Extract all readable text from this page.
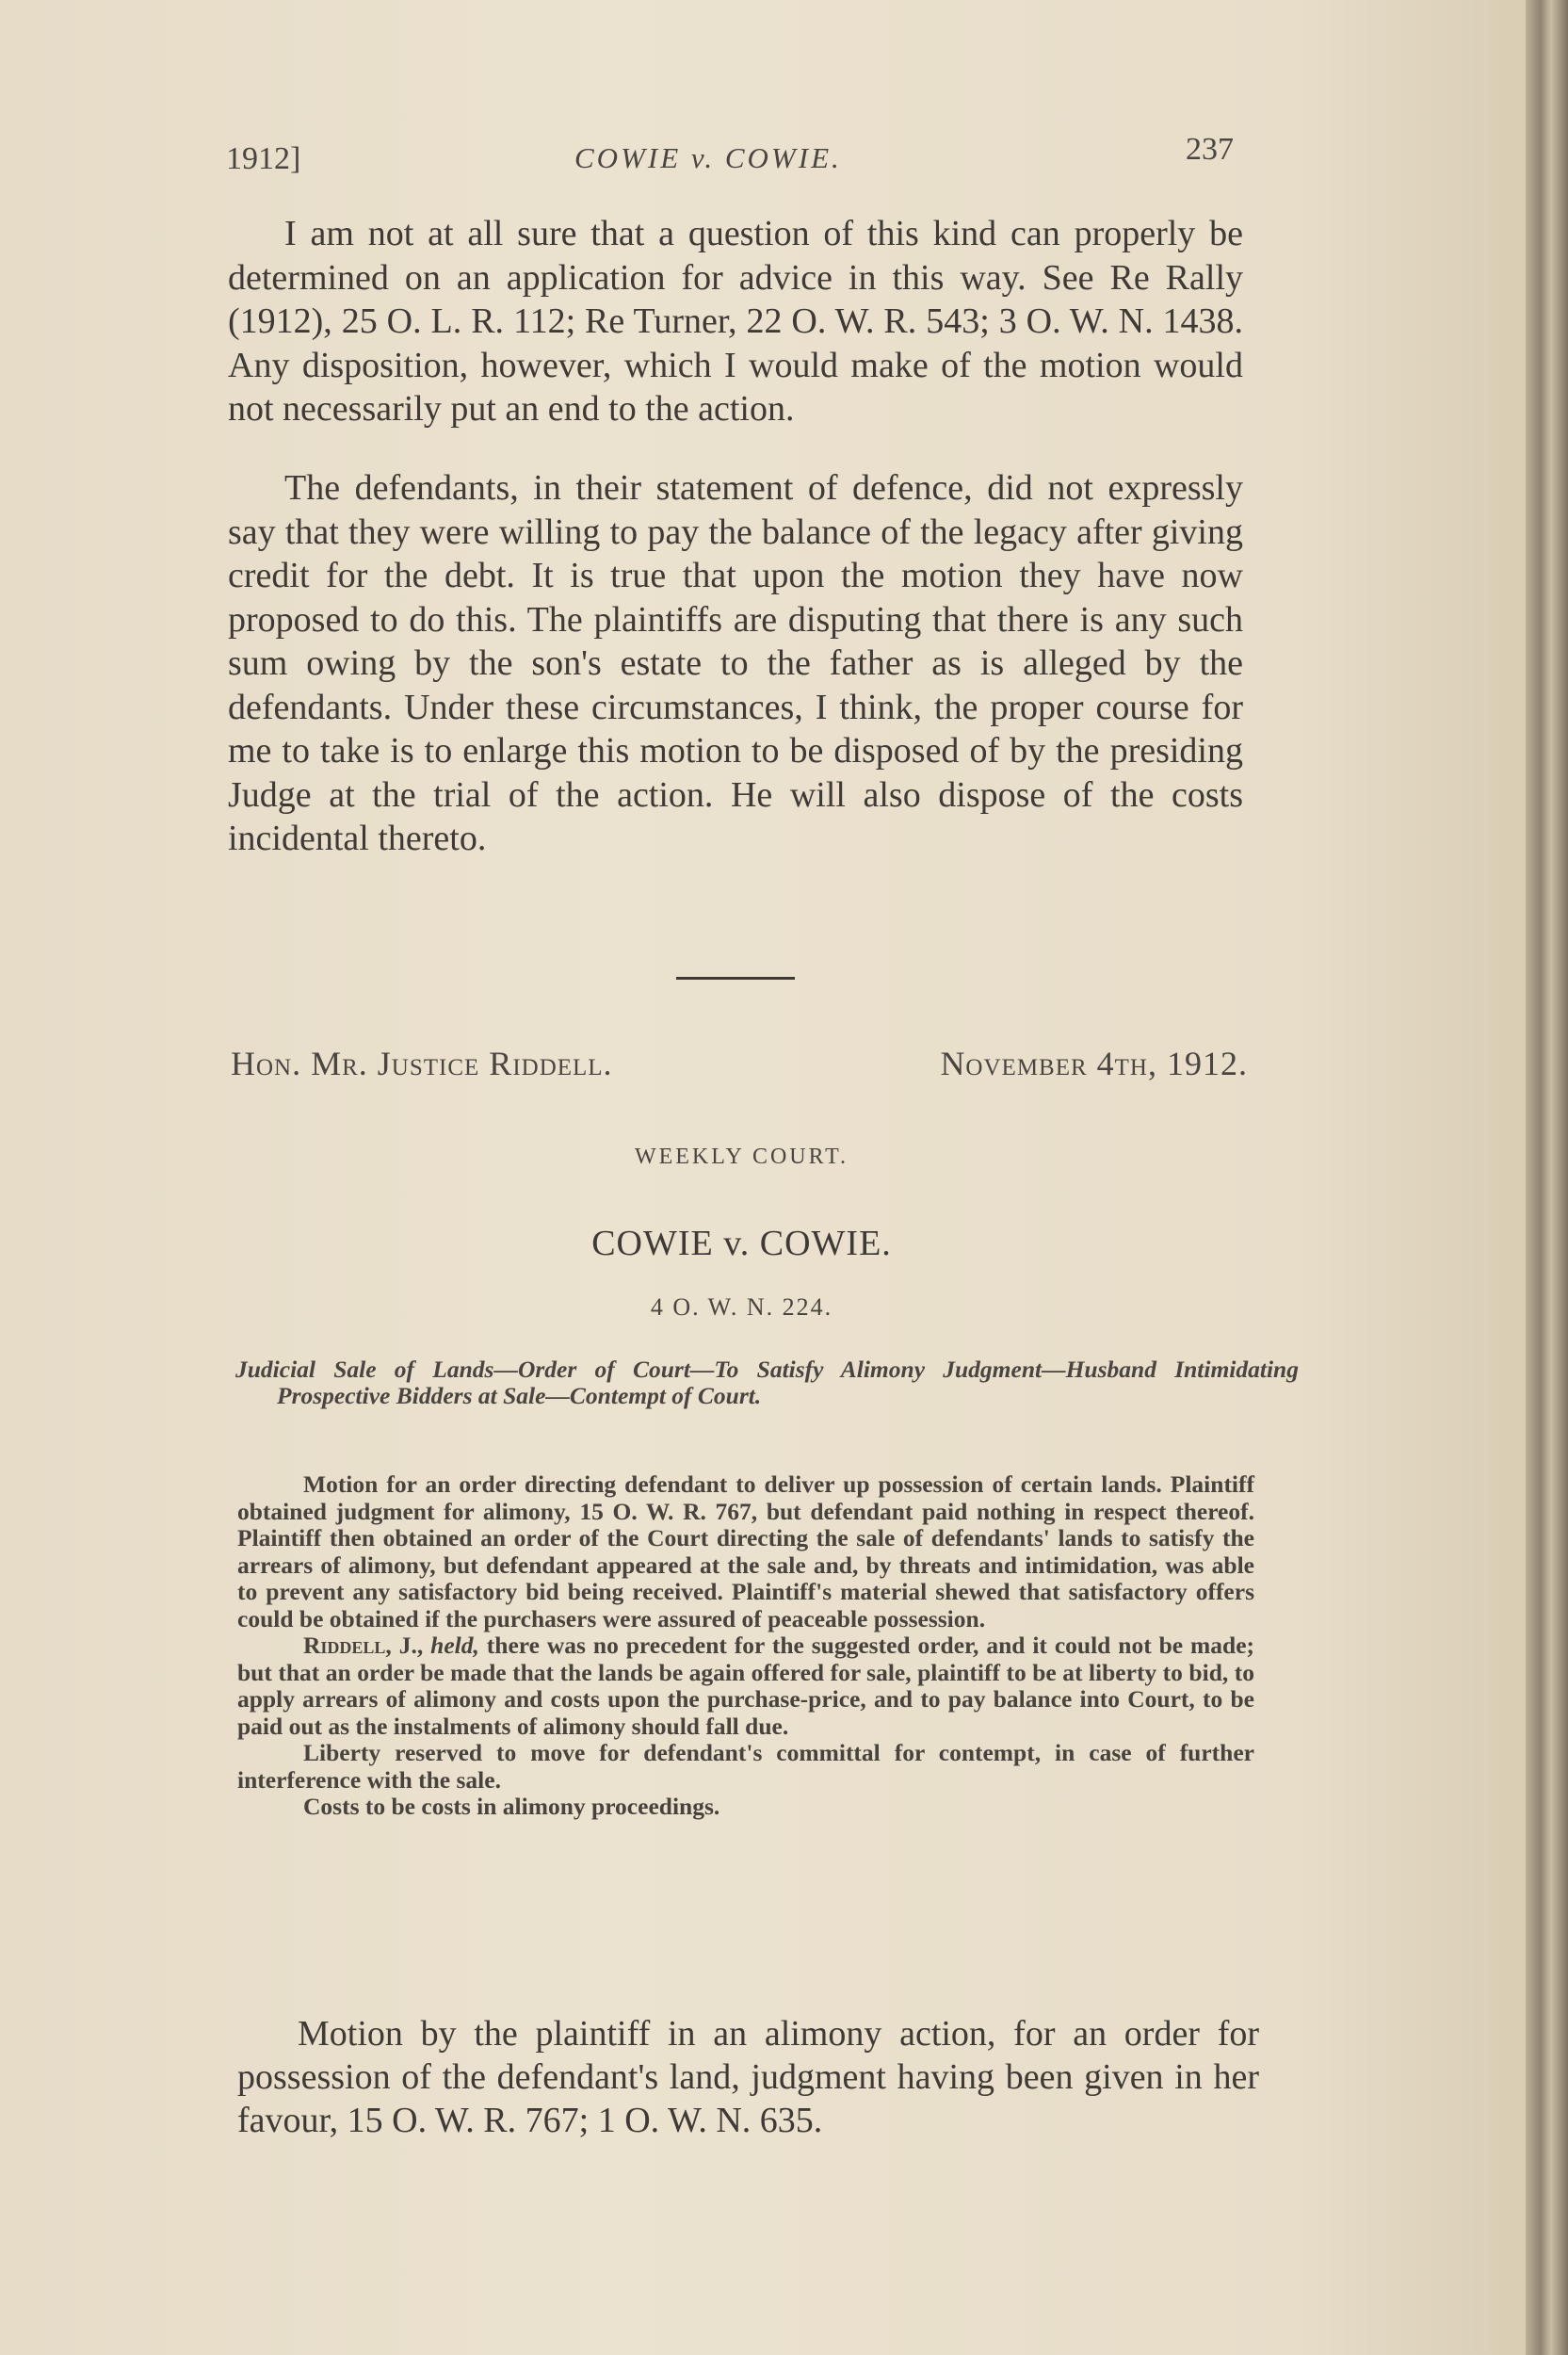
1912]	COWIE v. COWIE.	237

I am not at all sure that a question of this kind can properly be determined on an application for advice in this way. See Re Rally (1912), 25 O. L. R. 112; Re Turner, 22 O. W. R. 543; 3 O. W. N. 1438. Any disposition, however, which I would make of the motion would not necessarily put an end to the action.

The defendants, in their statement of defence, did not expressly say that they were willing to pay the balance of the legacy after giving credit for the debt. It is true that upon the motion they have now proposed to do this. The plaintiffs are disputing that there is any such sum owing by the son's estate to the father as is alleged by the defendants. Under these circumstances, I think, the proper course for me to take is to enlarge this motion to be disposed of by the presiding Judge at the trial of the action. He will also dispose of the costs incidental thereto.

Hon. Mr. Justice Riddell.	November 4th, 1912.
WEEKLY COURT.
COWIE v. COWIE.
4 O. W. N. 224.
Judicial Sale of Lands—Order of Court—To Satisfy Alimony Judgment—Husband Intimidating Prospective Bidders at Sale—Contempt of Court.

Motion for an order directing defendant to deliver up possession of certain lands. Plaintiff obtained judgment for alimony, 15 O. W. R. 767, but defendant paid nothing in respect thereof. Plaintiff then obtained an order of the Court directing the sale of defendants' lands to satisfy the arrears of alimony, but defendant appeared at the sale and, by threats and intimidation, was able to prevent any satisfactory bid being received. Plaintiff's material shewed that satisfactory offers could be obtained if the purchasers were assured of peaceable possession.

Riddell, J., held, there was no precedent for the suggested order, and it could not be made; but that an order be made that the lands be again offered for sale, plaintiff to be at liberty to bid, to apply arrears of alimony and costs upon the purchase-price, and to pay balance into Court, to be paid out as the instalments of alimony should fall due.

Liberty reserved to move for defendant's committal for contempt, in case of further interference with the sale.

Costs to be costs in alimony proceedings.

Motion by the plaintiff in an alimony action, for an order for possession of the defendant's land, judgment having been given in her favour, 15 O. W. R. 767; 1 O. W. N. 635.
